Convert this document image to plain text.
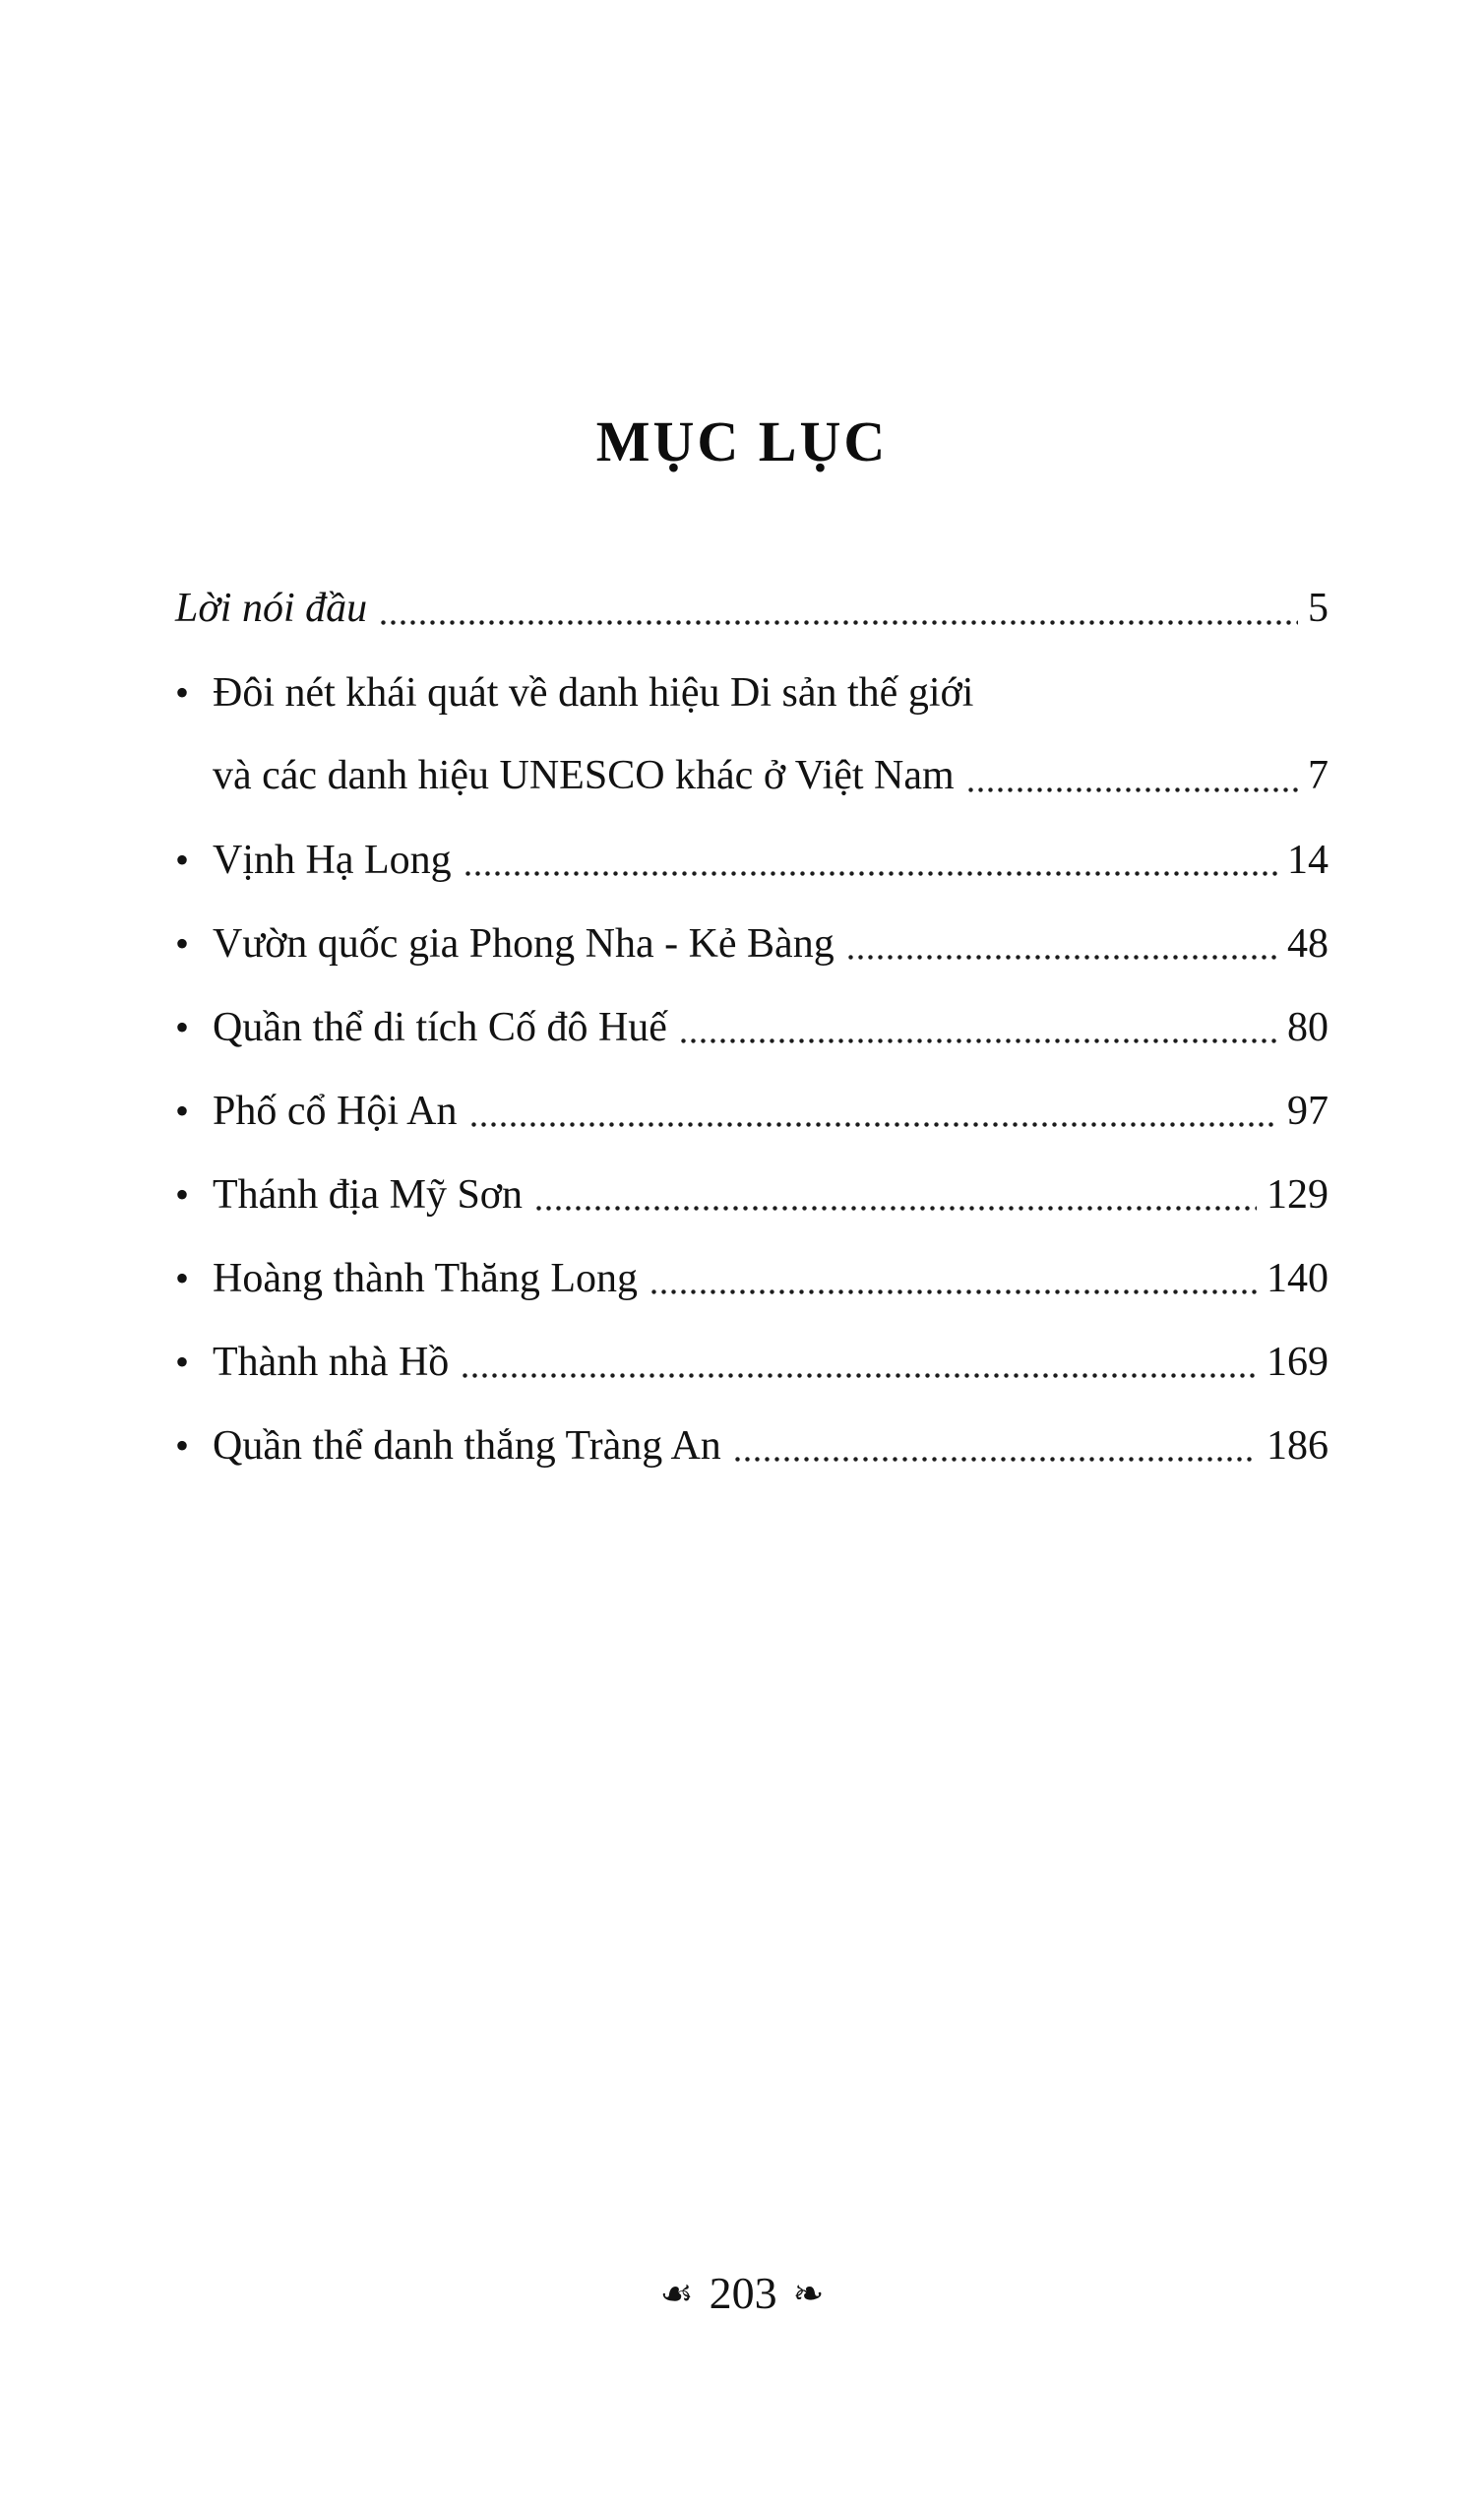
MỤC LỤC
Lời nói đầu	5
• Đôi nét khái quát về danh hiệu Di sản thế giới
và các danh hiệu UNESCO khác ở Việt Nam	7
• Vịnh Hạ Long	14
• Vườn quốc gia Phong Nha - Kẻ Bàng	48
• Quần thể di tích Cố đô Huế	80
• Phố cổ Hội An	97
• Thánh địa Mỹ Sơn	129
• Hoàng thành Thăng Long	140
• Thành nhà Hồ	169
• Quần thể danh thắng Tràng An	186
☙ 203 ❧
